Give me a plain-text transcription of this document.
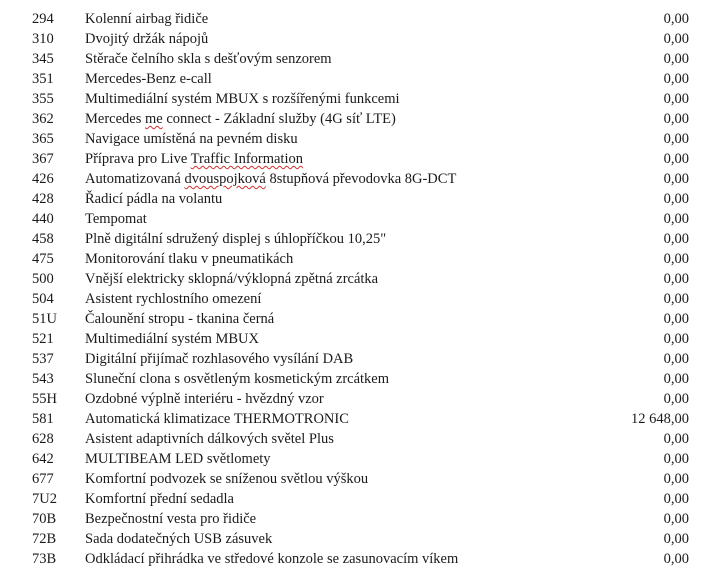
294 Kolenní airbag řidiče	0,00
310 Dvojitý držák nápojů	0,00
345 Stěrače čelního skla s dešťovým senzorem	0,00
351 Mercedes-Benz e-call	0,00
355 Multimediální systém MBUX s rozšířenými funkcemi	0,00
362 Mercedes me connect - Základní služby (4G síť LTE)	0,00
365 Navigace umístěná na pevném disku	0,00
367 Příprava pro Live Traffic Information	0,00
426 Automatizovaná dvouspojková 8stupňová převodovka 8G-DCT	0,00
428 Řadicí pádla na volantu	0,00
440 Tempomat	0,00
458 Plně digitální sdružený displej s úhlopříčkou 10,25"	0,00
475 Monitorování tlaku v pneumatikách	0,00
500 Vnější elektricky sklopná/výklopná zpětná zrcátka	0,00
504 Asistent rychlostního omezení	0,00
51U Čalounění stropu - tkanina černá	0,00
521 Multimediální systém MBUX	0,00
537 Digitální přijímač rozhlasového vysílání DAB	0,00
543 Sluneční clona s osvětleným kosmetickým zrcátkem	0,00
55H Ozdobné výplně interiéru - hvězdný vzor	0,00
581 Automatická klimatizace THERMOTRONIC	12 648,00
628 Asistent adaptivních dálkových světel Plus	0,00
642 MULTIBEAM LED světlomety	0,00
677 Komfortní podvozek se sníženou světlou výškou	0,00
7U2 Komfortní přední sedadla	0,00
70B Bezpečnostní vesta pro řidiče	0,00
72B Sada dodatečných USB zásuvek	0,00
73B Odkládací přihrádka ve středové konzole se zasunovacím víkem	0,00
